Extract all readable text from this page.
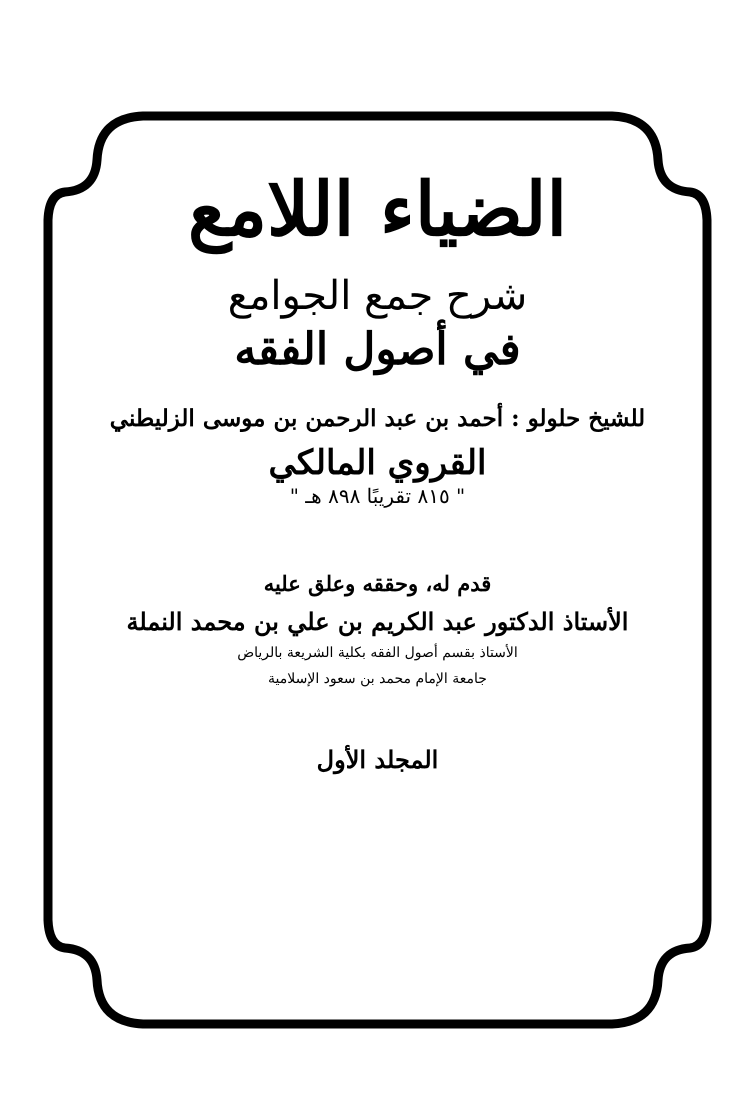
الضياء اللامع
شرح جمع الجوامع
في أصول الفقه
للشيخ حلولو : أحمد بن عبد الرحمن بن موسى الزليطني
القروي المالكي
" ٨١٥ تقريبًا ٨٩٨ هـ "
قدم له، وحققه وعلق عليه
الأستاذ الدكتور عبد الكريم بن علي بن محمد النملة
الأستاذ بقسم أصول الفقه بكلية الشريعة بالرياض
جامعة الإمام محمد بن سعود الإسلامية
المجلد الأول
